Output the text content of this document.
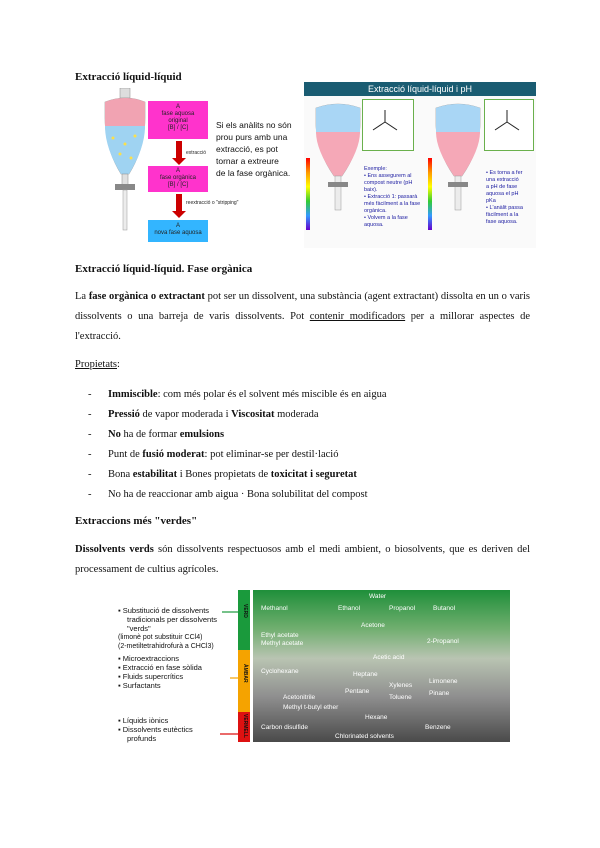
Extracció líquid-líquid
A
fase aquosa
original
[B] / [C]
extracció
A
fase orgànica
[B] / [C]
reextracció o "stripping"
A
nova fase aquosa
Si els anàlits no són
prou purs amb una
extracció, es pot
tornar a extreure
de la fase orgànica.
Extracció líquid-líquid i pH
Exemple:
• Ens assegurem al
compost neutre (pH
baix).
• Extracció 1: passarà
més fàcilment a la fase
orgànica.
• Volvem a la fase
aquosa.
• Es torna a fer
una extracció
a pH de fase
aquosa el pH
pKa
• L'anàlit passa
fàcilment a la
fase aquosa.
Extracció líquid-líquid. Fase orgànica
La fase orgànica o extractant pot ser un dissolvent, una substància (agent extractant) dissolta en un o varis dissolvents o una barreja de varis dissolvents. Pot contenir modificadors per a millorar aspectes de l'extracció.
Propietats:
- Immiscible: com més polar és el solvent més miscible és en aigua
- Pressió de vapor moderada i Viscositat moderada
- No ha de formar emulsions
- Punt de fusió moderat: pot eliminar-se per destil·lació
- Bona estabilitat i Bones propietats de toxicitat i seguretat
- No ha de reaccionar amb aigua · Bona solubilitat del compost
Extraccions més "verdes"
Dissolvents verds són dissolvents respectuosos amb el medi ambient, o biosolvents, que es deriven del processament de cultius agrícoles.
▪ Substitució de dissolvents
tradicionals per dissolvents
"verds"
(limonè pot substituir CCl4)
(2-metiltetrahidrofurà a CHCl3)
▪ Microextraccions
▪ Extracció en fase sòlida
▪ Fluids supercrítics
▪ Surfactants
▪ Líquids iònics
▪ Dissolvents eutèctics
profunds
VERD
ÀMBAR
VERMELL
Water
Methanol	Ethanol	Propanol	Butanol
Acetone
Ethyl acetate
Methyl acetate	2-Propanol
Acetic acid
Cyclohexane	Heptane
Limonene
Xylenes
Pinane
Pentane
Toluene
Acetonitrile
Methyl t-butyl ether
Hexane
Carbon disulfide	Benzene
Chlorinated solvents
